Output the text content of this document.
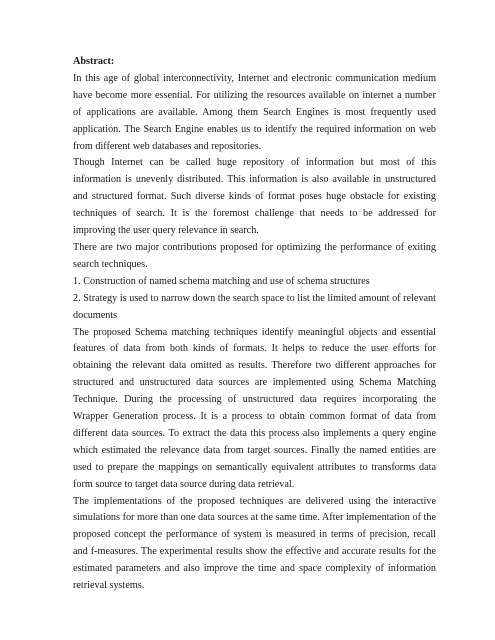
Abstract:

In this age of global interconnectivity, Internet and electronic communication medium have become more essential. For utilizing the resources available on internet a number of applications are available. Among them Search Engines is most frequently used application. The Search Engine enables us to identify the required information on web from different web databases and repositories.

Though Internet can be called huge repository of information but most of this information is unevenly distributed. This information is also available in unstructured and structured format. Such diverse kinds of format poses huge obstacle for existing techniques of search. It is the foremost challenge that needs to be addressed for improving the user query relevance in search.

There are two major contributions proposed for optimizing the performance of exiting search techniques.

1. Construction of named schema matching and use of schema structures

2. Strategy is used to narrow down the search space to list the limited amount of relevant documents

The proposed Schema matching techniques identify meaningful objects and essential features of data from both kinds of formats. It helps to reduce the user efforts for obtaining the relevant data omitted as results. Therefore two different approaches for structured and unstructured data sources are implemented using Schema Matching Technique. During the processing of unstructured data requires incorporating the Wrapper Generation process. It is a process to obtain common format of data from different data sources. To extract the data this process also implements a query engine which estimated the relevance data from target sources. Finally the named entities are used to prepare the mappings on semantically equivalent attributes to transforms data form source to target data source during data retrieval.

The implementations of the proposed techniques are delivered using the interactive simulations for more than one data sources at the same time. After implementation of the proposed concept the performance of system is measured in terms of precision, recall and f-measures. The experimental results show the effective and accurate results for the estimated parameters and also improve the time and space complexity of information retrieval systems.
